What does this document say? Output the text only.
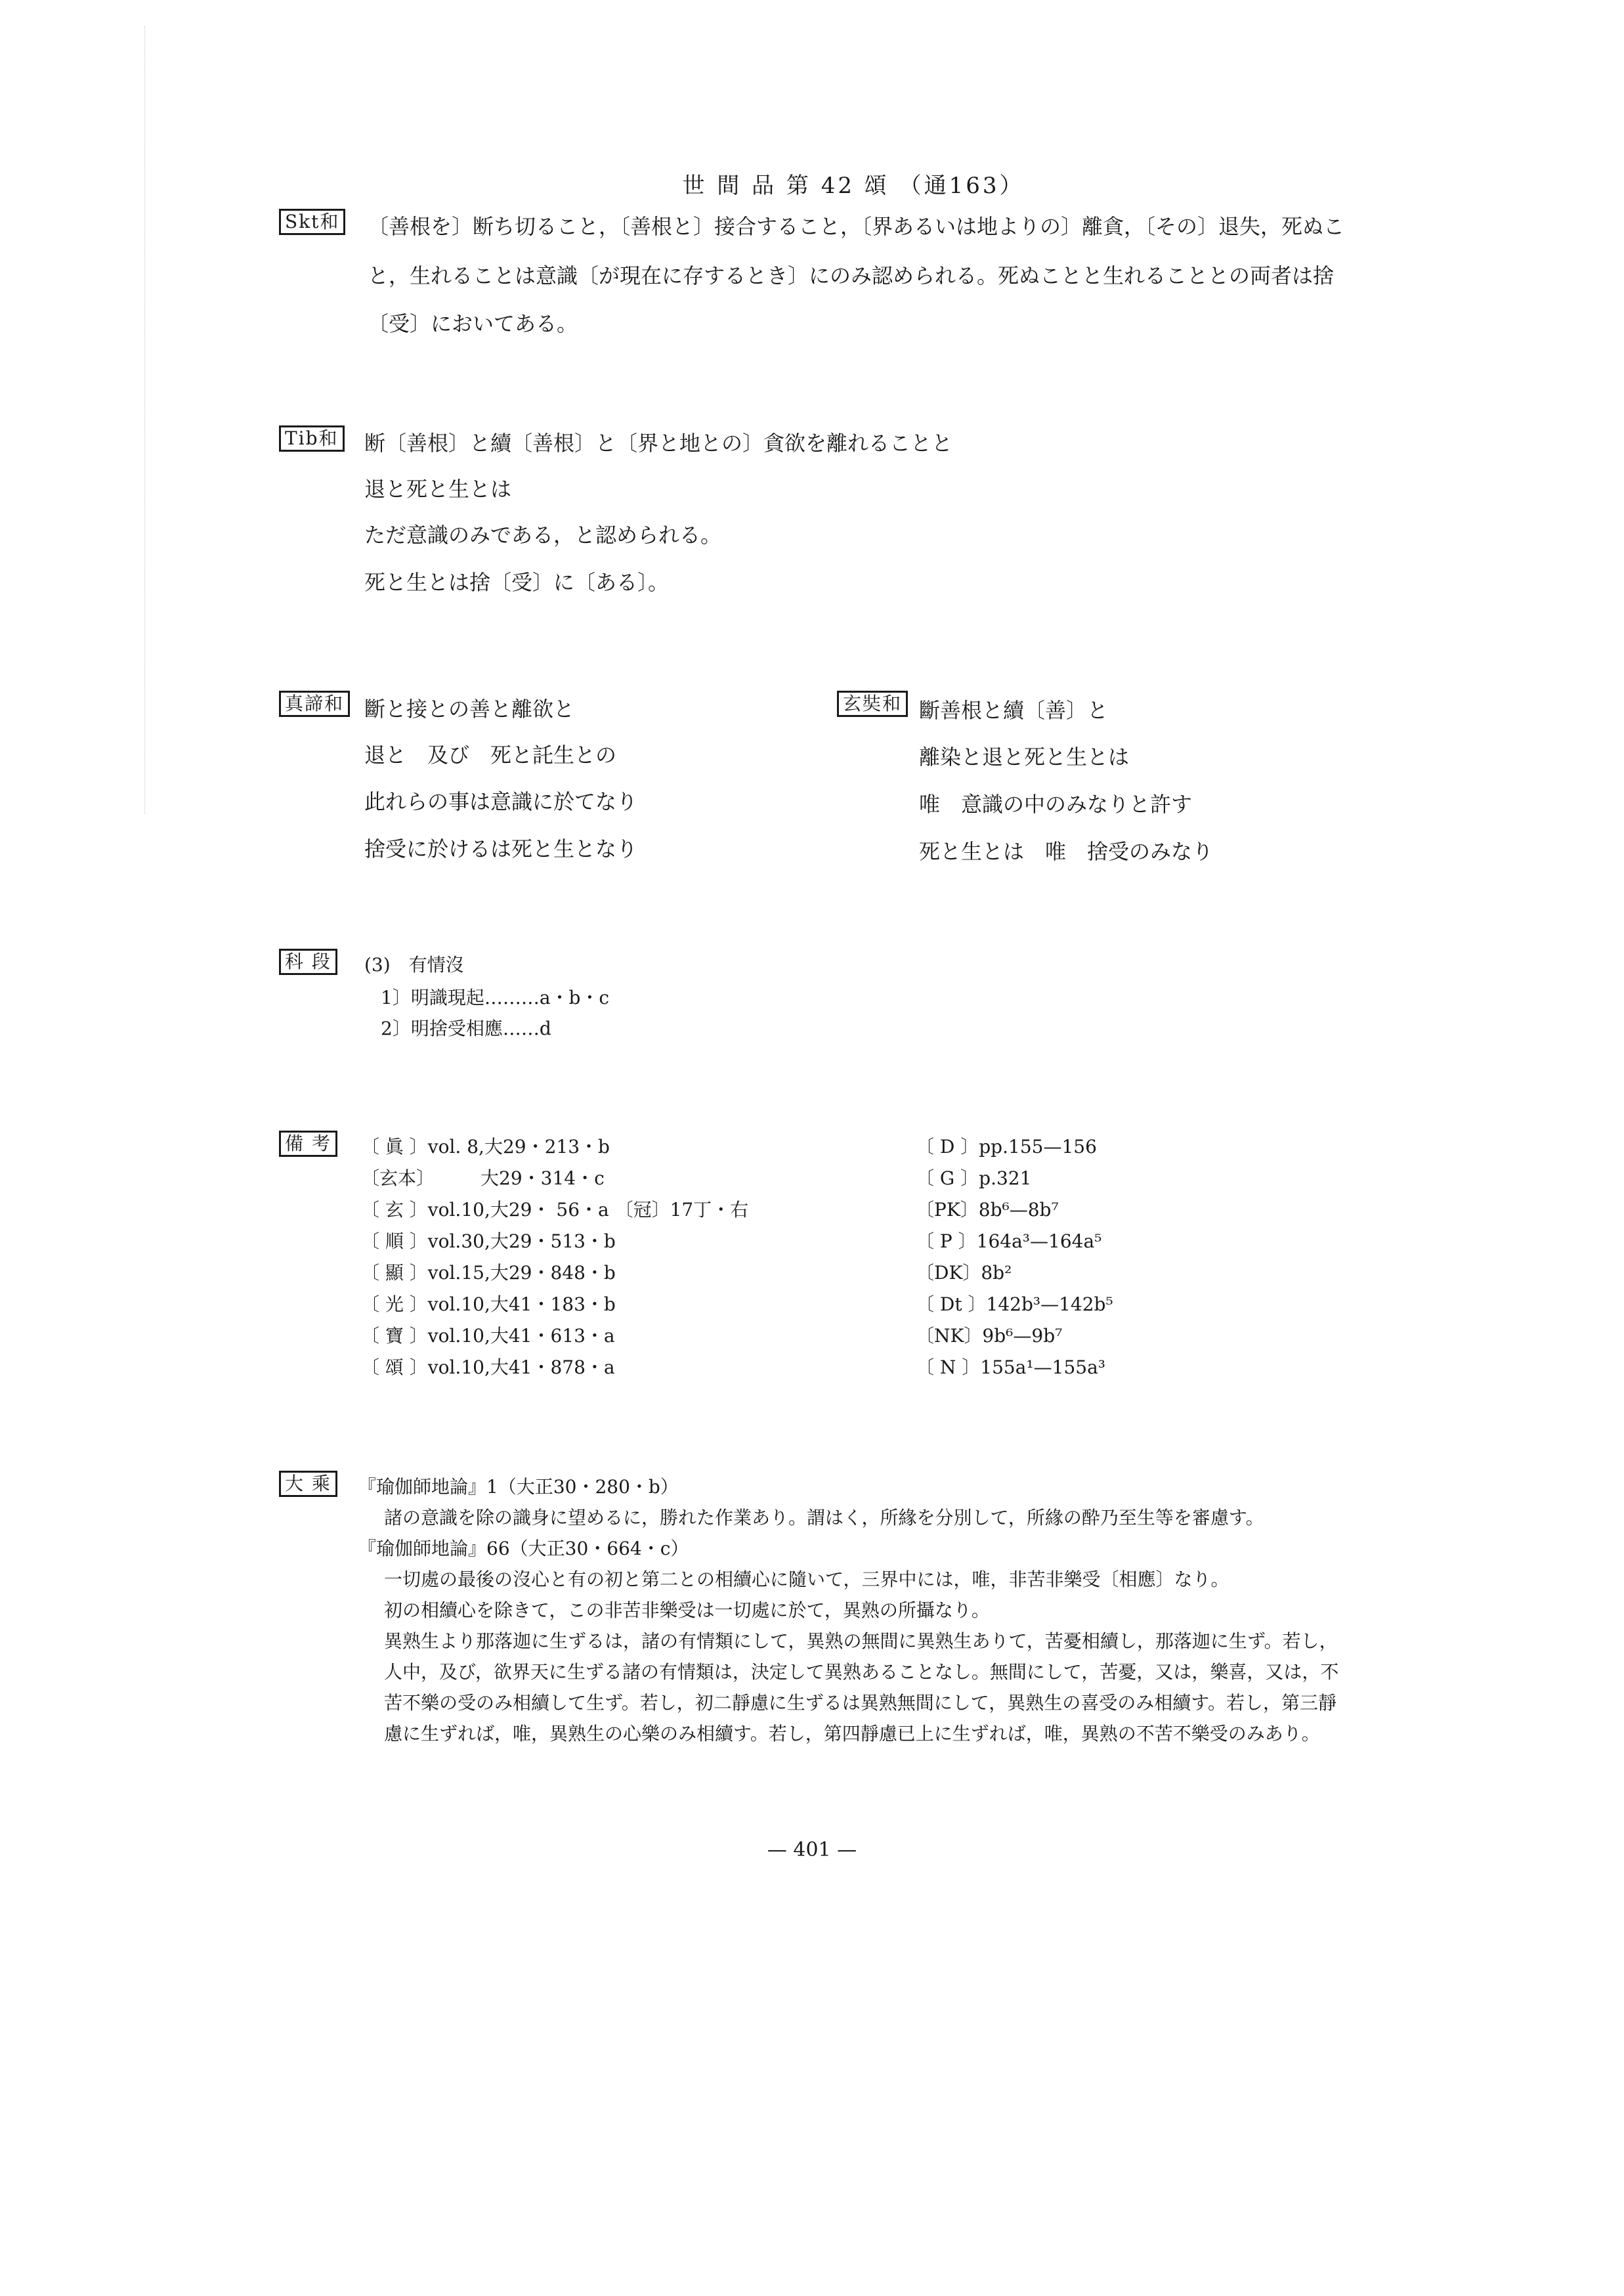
世 間 品 第 42 頌 （通163）
Skt和 〔善根を〕断ち切ること，〔善根と〕接合すること，〔界あるいは地よりの〕離貪，〔その〕退失，死ぬこ
と，生れることは意識〔が現在に存するとき〕にのみ認められる。死ぬことと生れることとの両者は捨
〔受〕においてある。
Tib和 断〔善根〕と續〔善根〕と〔界と地との〕貪欲を離れることと
退と死と生とは
ただ意識のみである，と認められる。
死と生とは捨〔受〕に〔ある〕。
真諦和 斷と接との善と離欲と
退と　及び　死と託生との
此れらの事は意識に於てなり
捨受に於けるは死と生となり
玄奘和 斷善根と續〔善〕と
離染と退と死と生とは
唯　意識の中のみなりと許す
死と生とは　唯　捨受のみなり
科 段	(3)　有情沒
1〕明識現起………a・b・c
2〕明捨受相應……d
備 考	〔 眞 〕vol. 8,大29・213・b
〔玄本〕　　　大29・314・c
〔 玄 〕vol.10,大29・ 56・a 〔冠〕17丁・右
〔 順 〕vol.30,大29・513・b
〔 顯 〕vol.15,大29・848・b
〔 光 〕vol.10,大41・183・b
〔 寶 〕vol.10,大41・613・a
〔 頌 〕vol.10,大41・878・a
〔 D 〕pp.155—156
〔 G 〕p.321
〔PK〕8b⁶—8b⁷
〔 P 〕164a³—164a⁵
〔DK〕8b²
〔 Dt 〕142b³—142b⁵
〔NK〕9b⁶—9b⁷
〔 N 〕155a¹—155a³
大 乘	『瑜伽師地論』1（大正30・280・b）
諸の意識を除の識身に望めるに，勝れた作業あり。謂はく，所緣を分別して，所緣の酔乃至生等を審慮す。
『瑜伽師地論』66（大正30・664・c）
一切處の最後の沒心と有の初と第二との相續心に隨いて，三界中には，唯，非苦非樂受〔相應〕なり。
初の相續心を除きて，この非苦非樂受は一切處に於て，異熟の所攝なり。
異熟生より那落迦に生ずるは，諸の有情類にして，異熟の無間に異熟生ありて，苦憂相續し，那落迦に生ず。若し，
人中，及び，欲界天に生ずる諸の有情類は，決定して異熟あることなし。無間にして，苦憂，又は，樂喜，又は，不
苦不樂の受のみ相續して生ず。若し，初二靜慮に生ずるは異熟無間にして，異熟生の喜受のみ相續す。若し，第三靜
慮に生ずれば，唯，異熟生の心樂のみ相續す。若し，第四靜慮已上に生ずれば，唯，異熟の不苦不樂受のみあり。
— 401 —
